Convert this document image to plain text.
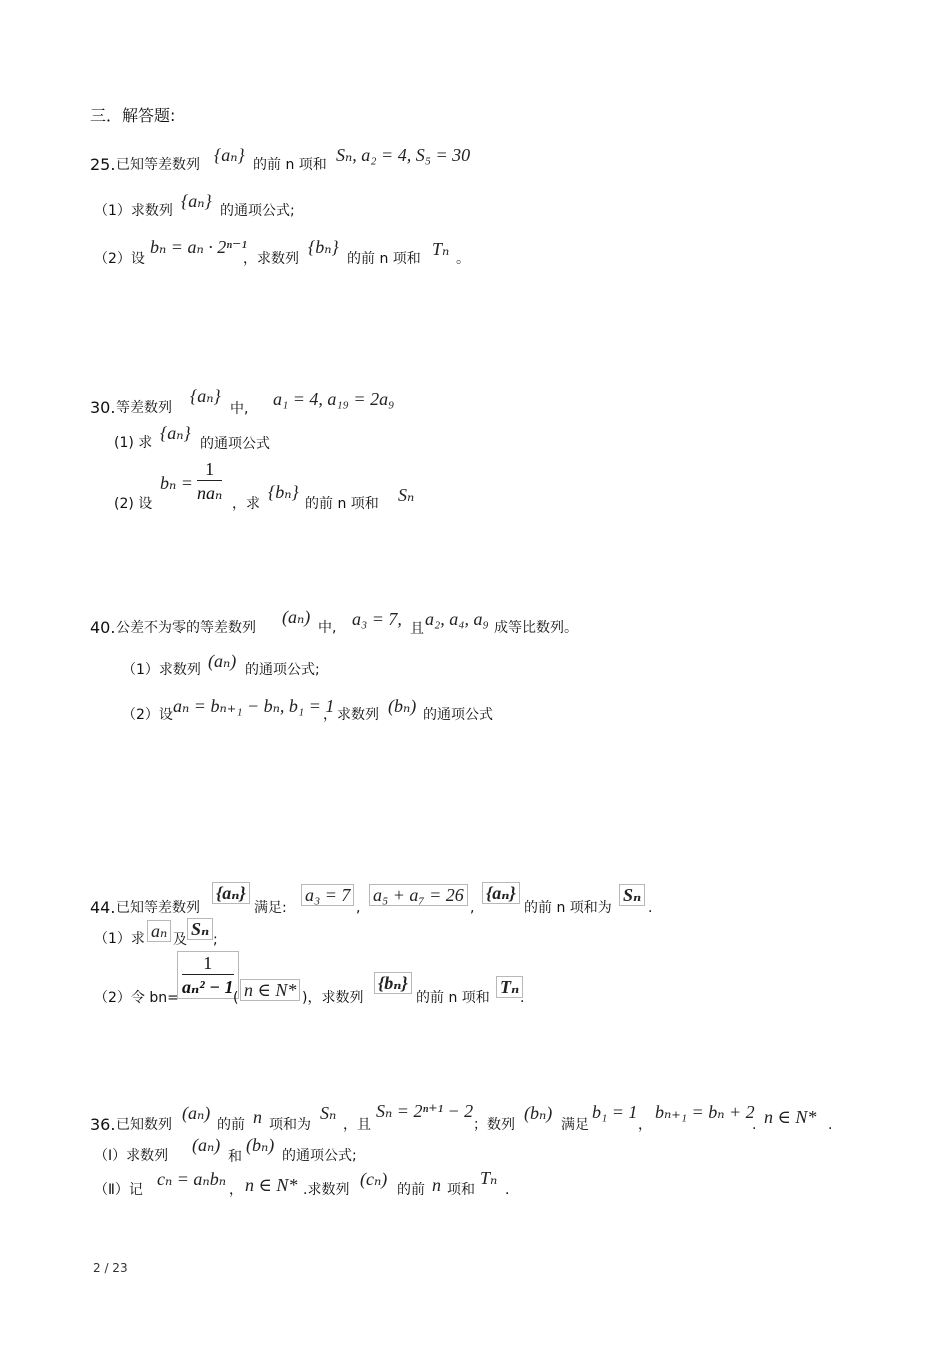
三．解答题:
25. 已知等差数列 {aₙ} 的前 n 项和 Sₙ, a₂ = 4, S₅ = 30
（1）求数列 {aₙ} 的通项公式;
（2）设
bₙ = aₙ · 2ⁿ⁻¹
，求数列
{bₙ}
的前 n 项和 Tₙ 。
30. 等差数列
{aₙ}
中, a₁ = 4, a₁₉ = 2a₉
(1) 求 {aₙ}
的通项公式
(2) 设
bₙ =
1
naₙ
，求
{bₙ}
的前 n 项和 Sₙ
40. 公差不为零的等差数列
(aₙ)
中, a₃ = 7, 且 a₂, a₄, a₉ 成等比数列。
（1）求数列 (aₙ) 的通项公式;
（2）设 aₙ = bₙ₊₁ − bₙ, b₁ = 1
，求数列 (bₙ) 的通项公式
44. 已知等差数列
{aₙ}
满足:
a₃ = 7
,
a₅ + a₇ = 26
,
{aₙ}
的前 n 项和为
Sₙ
.
（1）求 aₙ 及
Sₙ
;
（2）令 bn=
$\frac{1}{\text{aₙ² − 1}}$
( n ∈ N* )，求数列
{bₙ}
的前 n 项和
Tₙ
.
36. 已知数列
(aₙ)
的前 n 项和为
Sₙ
，且
Sₙ = 2ⁿ⁺¹ − 2
；数列
(bₙ)
满足
b₁ = 1
，
bₙ₊₁ = bₙ + 2
. n ∈ N* .
（Ⅰ）求数列
(aₙ)
和
(bₙ)
的通项公式;
（Ⅱ）记
cₙ = aₙbₙ
， n ∈ N* .求数列
(cₙ)
的前 n 项和
Tₙ
.
2 / 23
